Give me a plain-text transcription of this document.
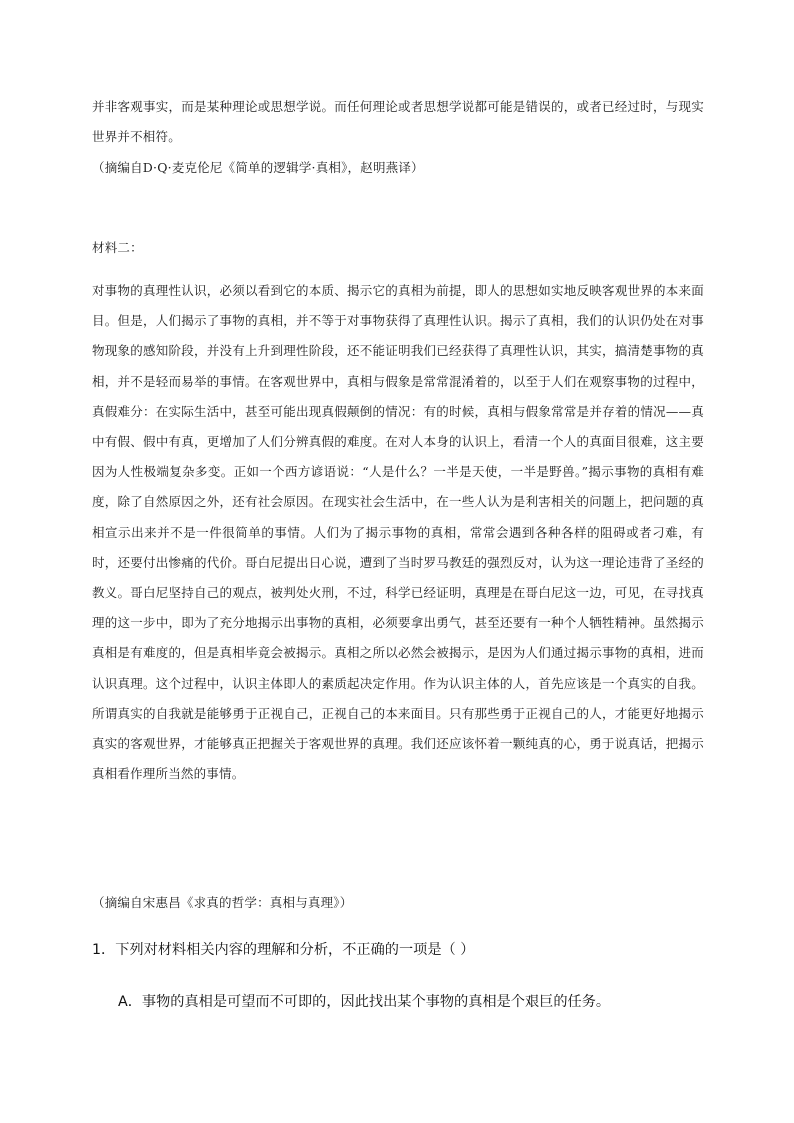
并非客观事实，而是某种理论或思想学说。而任何理论或者思想学说都可能是错误的，或者已经过时，与现实世界并不相符。

（摘编自D·Q·麦克伦尼《简单的逻辑学·真相》，赵明燕译）

材料二：

对事物的真理性认识，必须以看到它的本质、揭示它的真相为前提，即人的思想如实地反映客观世界的本来面目。但是，人们揭示了事物的真相，并不等于对事物获得了真理性认识。揭示了真相，我们的认识仍处在对事物现象的感知阶段，并没有上升到理性阶段，还不能证明我们已经获得了真理性认识，其实，搞清楚事物的真相，并不是轻而易举的事情。在客观世界中，真相与假象是常常混淆着的，以至于人们在观察事物的过程中，真假难分：在实际生活中，甚至可能出现真假颠倒的情况：有的时候，真相与假象常常是并存着的情况——真中有假、假中有真，更增加了人们分辨真假的难度。在对人本身的认识上，看清一个人的真面目很难，这主要因为人性极端复杂多变。正如一个西方谚语说：“人是什么？一半是天使，一半是野兽。”揭示事物的真相有难度，除了自然原因之外，还有社会原因。在现实社会生活中，在一些人认为是利害相关的问题上，把问题的真相宣示出来并不是一件很简单的事情。人们为了揭示事物的真相，常常会遇到各种各样的阻碍或者刁难，有时，还要付出惨痛的代价。哥白尼提出日心说，遭到了当时罗马教廷的强烈反对，认为这一理论违背了圣经的教义。哥白尼坚持自己的观点，被判处火刑，不过，科学已经证明，真理是在哥白尼这一边，可见，在寻找真理的这一步中，即为了充分地揭示出事物的真相，必须要拿出勇气，甚至还要有一种个人牺牲精神。虽然揭示真相是有难度的，但是真相毕竟会被揭示。真相之所以必然会被揭示，是因为人们通过揭示事物的真相，进而认识真理。这个过程中，认识主体即人的素质起决定作用。作为认识主体的人，首先应该是一个真实的自我。所谓真实的自我就是能够勇于正视自己，正视自己的本来面目。只有那些勇于正视自己的人，才能更好地揭示真实的客观世界，才能够真正把握关于客观世界的真理。我们还应该怀着一颗纯真的心，勇于说真话，把揭示真相看作理所当然的事情。

（摘编自宋惠昌《求真的哲学：真相与真理》）

1．下列对材料相关内容的理解和分析，不正确的一项是（ ）

A．事物的真相是可望而不可即的，因此找出某个事物的真相是个艰巨的任务。
